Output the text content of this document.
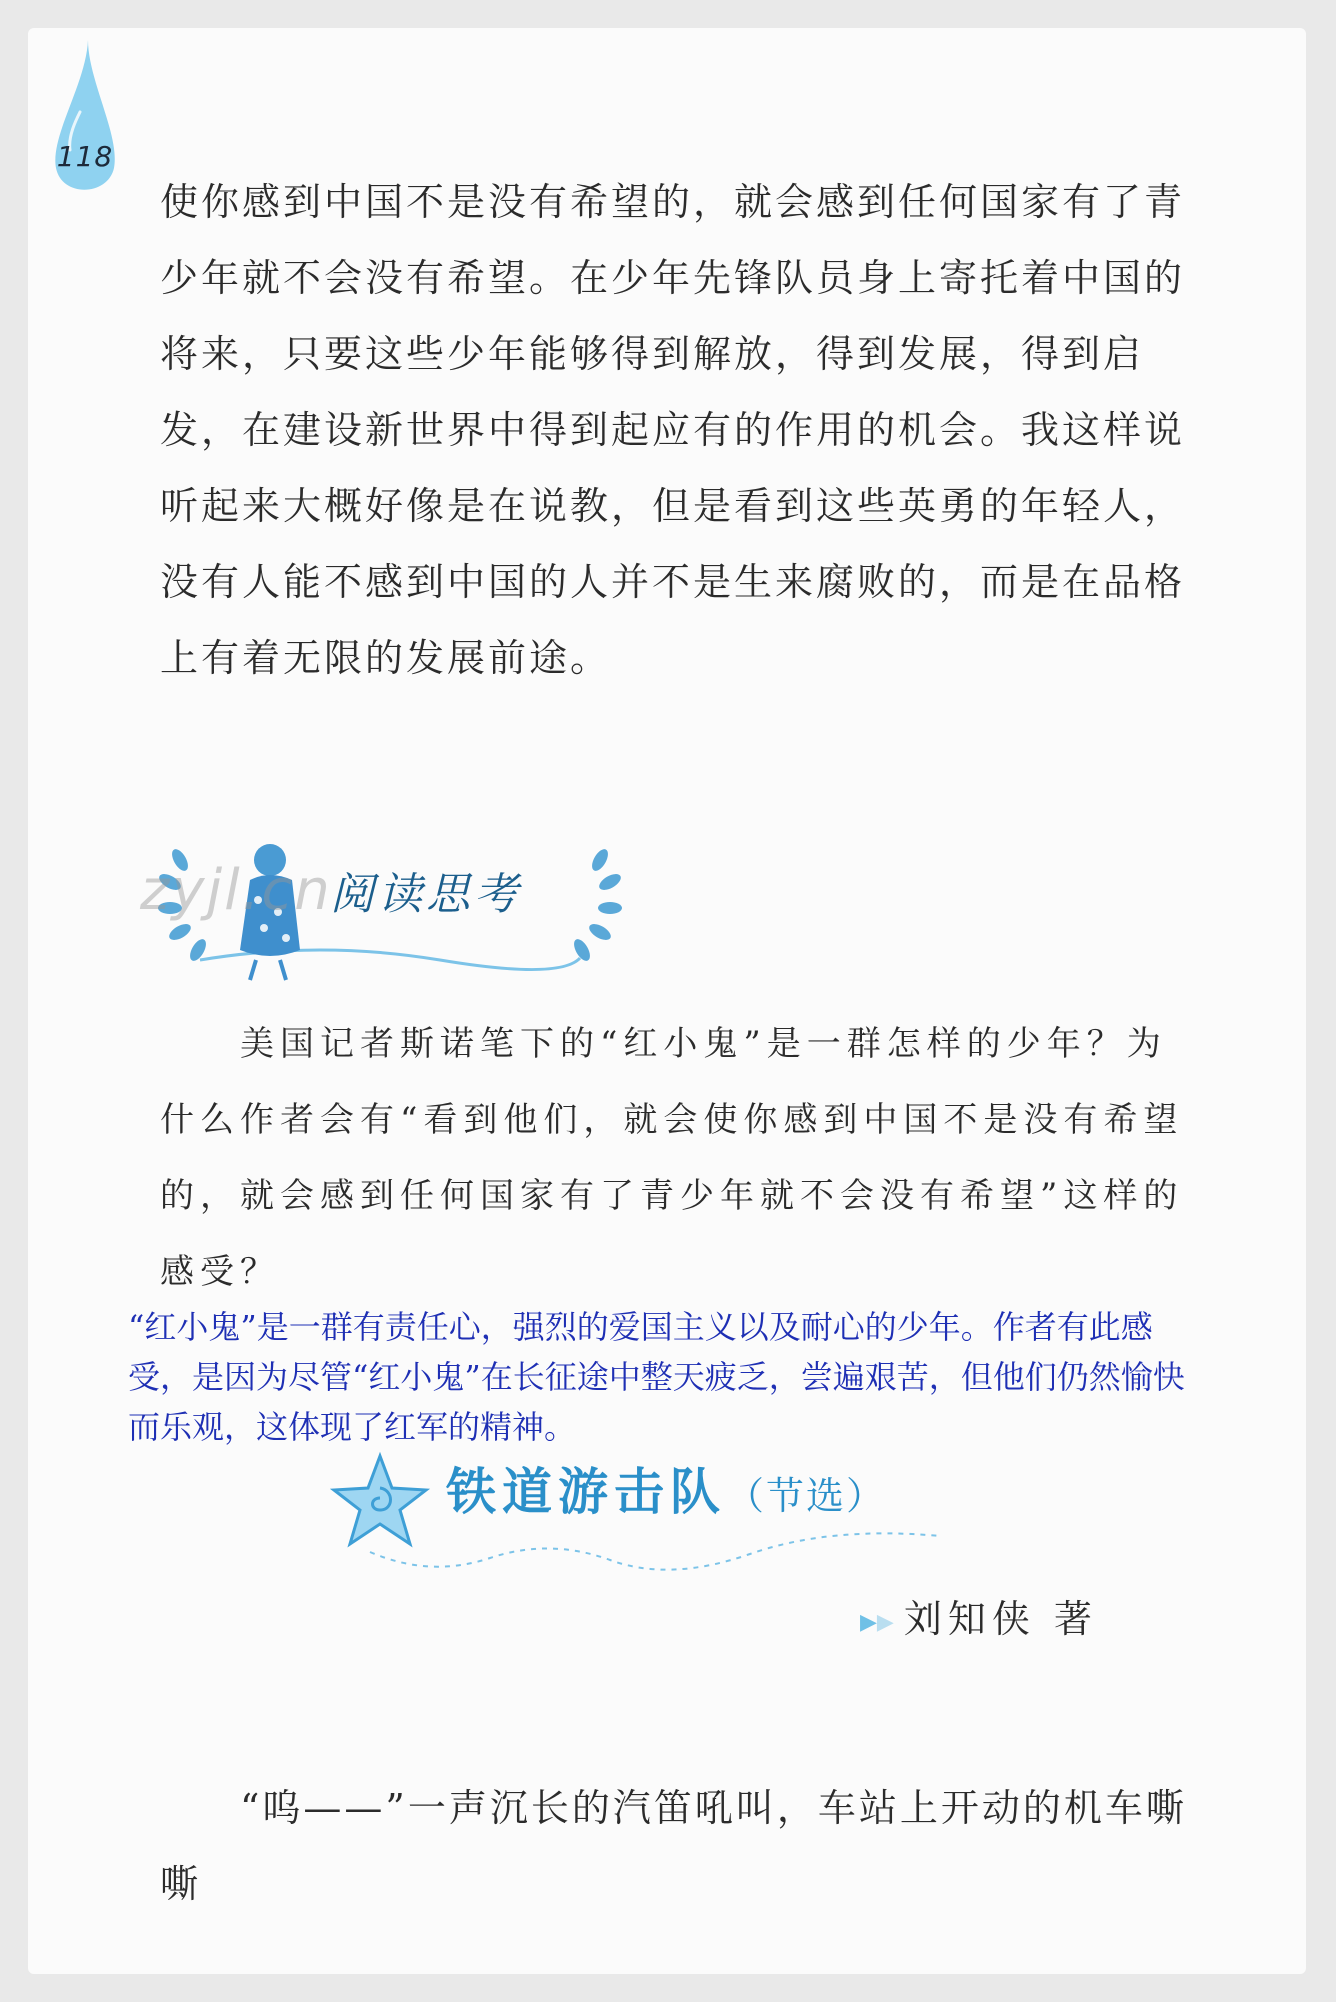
118

使你感到中国不是没有希望的，就会感到任何国家有了青少年就不会没有希望。在少年先锋队员身上寄托着中国的将来，只要这些少年能够得到解放，得到发展，得到启发，在建设新世界中得到起应有的作用的机会。我这样说听起来大概好像是在说教，但是看到这些英勇的年轻人，没有人能不感到中国的人并不是生来腐败的，而是在品格上有着无限的发展前途。

zyjl.cn
阅读思考

美国记者斯诺笔下的“红小鬼”是一群怎样的少年？为什么作者会有“看到他们，就会使你感到中国不是没有希望的，就会感到任何国家有了青少年就不会没有希望”这样的感受？

“红小鬼”是一群有责任心，强烈的爱国主义以及耐心的少年。作者有此感受，是因为尽管“红小鬼”在长征途中整天疲乏，尝遍艰苦，但他们仍然愉快而乐观，这体现了红军的精神。

铁道游击队（节选）
▶▶ 刘知侠 著

“呜——”一声沉长的汽笛吼叫，车站上开动的机车嘶嘶
